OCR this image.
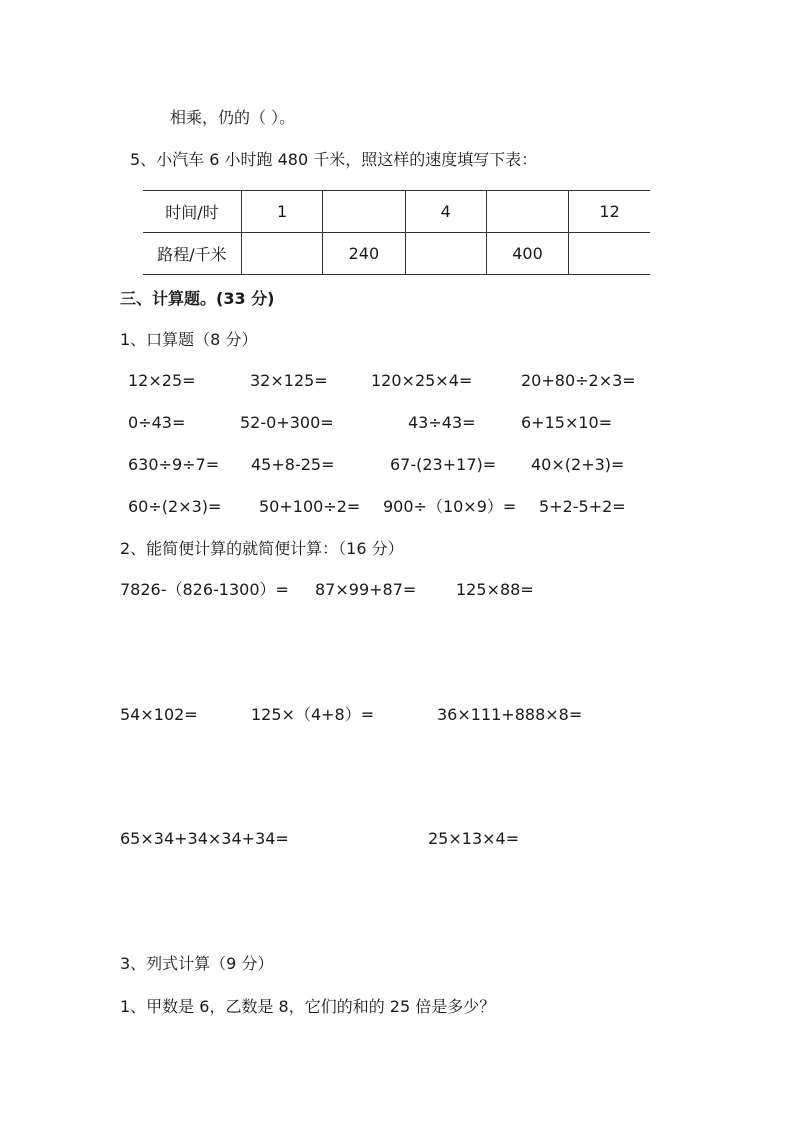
相乘，仍的（ ）。
5、小汽车 6 小时跑 480 千米，照这样的速度填写下表：
时间/时	1		4		12
路程/千米		240		400	
三、计算题。(33 分)
1、口算题（8 分）
12×25=	32×125=	120×25×4=	20+80÷2×3=
0÷43=	52-0+300=	43÷43=	6+15×10=
630÷9÷7= 45+8-25=	67-(23+17)= 40×(2+3)=
60÷(2×3)= 50+100÷2= 900÷（10×9）= 5+2-5+2=
2、能简便计算的就简便计算：（16 分）
7826-（826-1300）= 87×99+87= 125×88=
54×102=	125×（4+8）=	36×111+888×8=
65×34+34×34+34=	25×13×4=
3、列式计算（9 分）
1、甲数是 6，乙数是 8，它们的和的 25 倍是多少？
